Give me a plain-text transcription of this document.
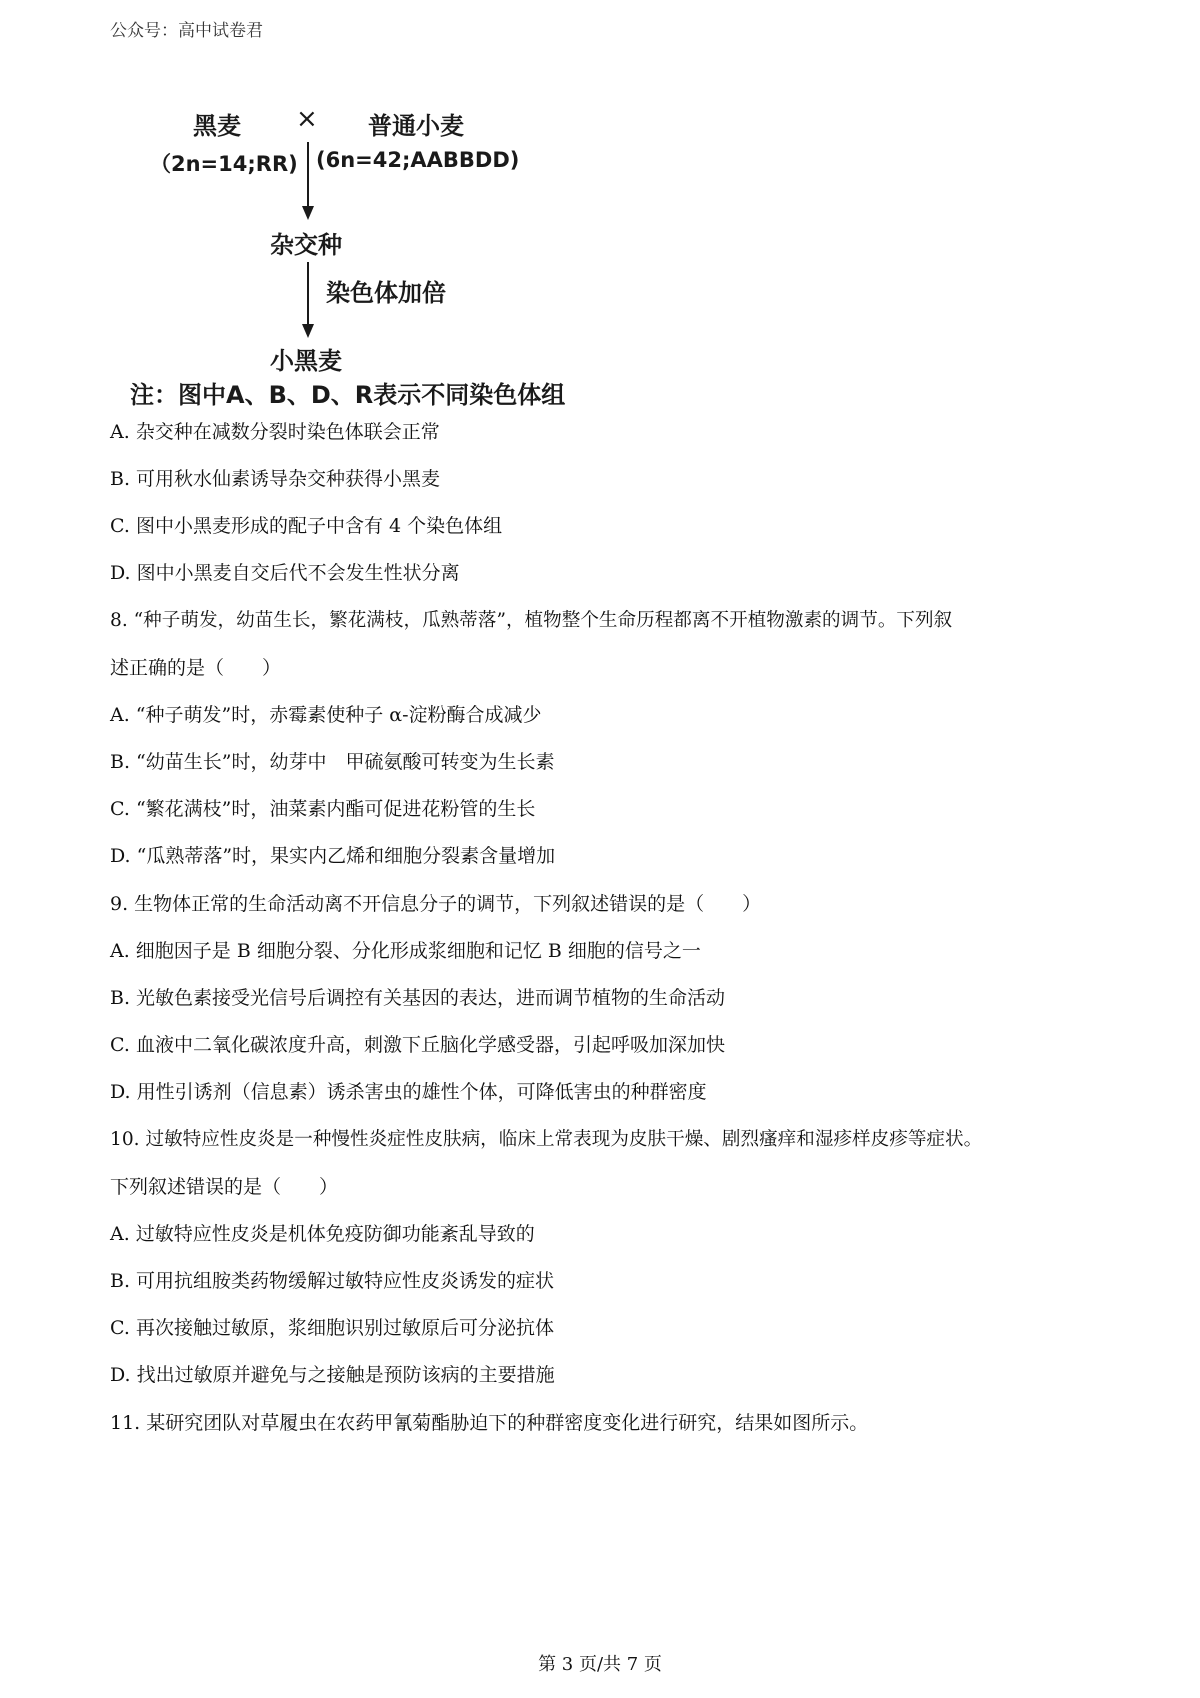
公众号：高中试卷君
黑麦 × 普通小麦
（2n=14;RR) (6n=42;AABBDD)
杂交种
染色体加倍
小黑麦
注：图中A、B、D、R表示不同染色体组
A. 杂交种在减数分裂时染色体联会正常
B. 可用秋水仙素诱导杂交种获得小黑麦
C. 图中小黑麦形成的配子中含有 4 个染色体组
D. 图中小黑麦自交后代不会发生性状分离
8. “种子萌发，幼苗生长，繁花满枝，瓜熟蒂落”，植物整个生命历程都离不开植物激素的调节。下列叙
述正确的是（　　）
A. “种子萌发”时，赤霉素使种子 α-淀粉酶合成减少
B. “幼苗生长”时，幼芽中　甲硫氨酸可转变为生长素
C. “繁花满枝”时，油菜素内酯可促进花粉管的生长
D. “瓜熟蒂落”时，果实内乙烯和细胞分裂素含量增加
9. 生物体正常的生命活动离不开信息分子的调节，下列叙述错误的是（　　）
A. 细胞因子是 B 细胞分裂、分化形成浆细胞和记忆 B 细胞的信号之一
B. 光敏色素接受光信号后调控有关基因的表达，进而调节植物的生命活动
C. 血液中二氧化碳浓度升高，刺激下丘脑化学感受器，引起呼吸加深加快
D. 用性引诱剂（信息素）诱杀害虫的雄性个体，可降低害虫的种群密度
10. 过敏特应性皮炎是一种慢性炎症性皮肤病，临床上常表现为皮肤干燥、剧烈瘙痒和湿疹样皮疹等症状。
下列叙述错误的是（　　）
A. 过敏特应性皮炎是机体免疫防御功能紊乱导致的
B. 可用抗组胺类药物缓解过敏特应性皮炎诱发的症状
C. 再次接触过敏原，浆细胞识别过敏原后可分泌抗体
D. 找出过敏原并避免与之接触是预防该病的主要措施
11. 某研究团队对草履虫在农药甲氰菊酯胁迫下的种群密度变化进行研究，结果如图所示。
第 3 页/共 7 页
